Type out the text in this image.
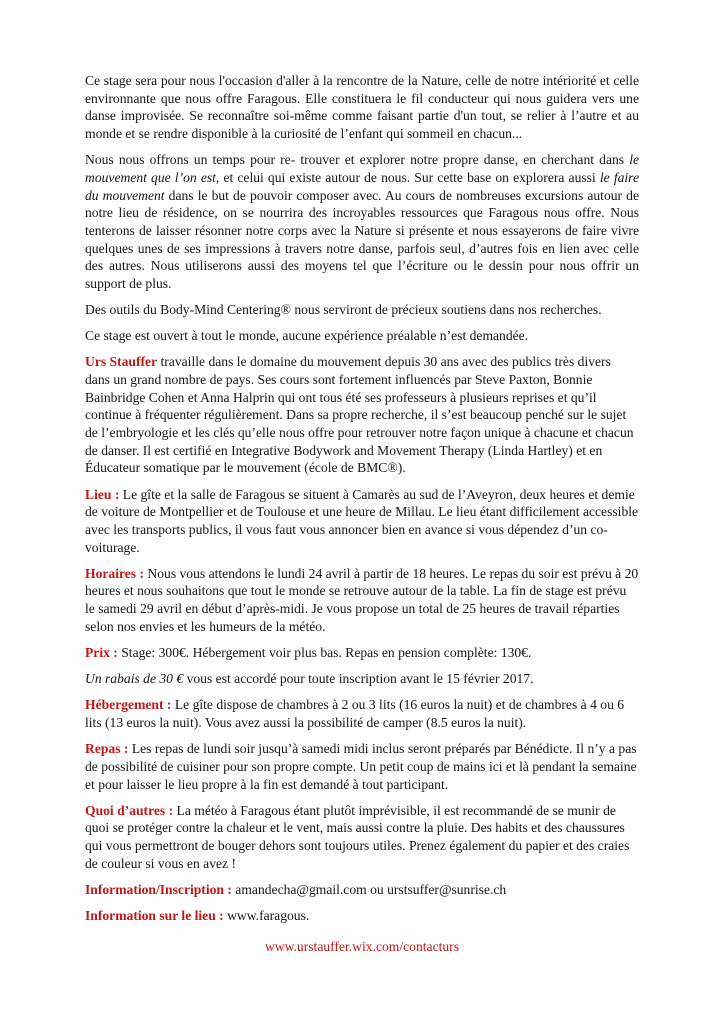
Ce stage sera pour nous l'occasion d'aller à la rencontre de la Nature, celle de notre intériorité et celle environnante que nous offre Faragous. Elle constituera le fil conducteur qui nous guidera vers une danse improvisée. Se reconnaître soi-même comme faisant partie d'un tout, se relier à l’autre et au monde et se rendre disponible à la curiosité de l’enfant qui sommeil en chacun...

Nous nous offrons un temps pour re- trouver et explorer notre propre danse, en cherchant dans le mouvement que l’on est, et celui qui existe autour de nous. Sur cette base on explorera aussi le faire du mouvement dans le but de pouvoir composer avec. Au cours de nombreuses excursions autour de notre lieu de résidence, on se nourrira des incroyables ressources que Faragous nous offre. Nous tenterons de laisser résonner notre corps avec la Nature si présente et nous essayerons de faire vivre quelques unes de ses impressions à travers notre danse, parfois seul, d’autres fois en lien avec celle des autres. Nous utiliserons aussi des moyens tel que l’écriture ou le dessin pour nous offrir un support de plus.

Des outils du Body-Mind Centering® nous serviront de précieux soutiens dans nos recherches.

Ce stage est ouvert à tout le monde, aucune expérience préalable n’est demandée.

Urs Stauffer travaille dans le domaine du mouvement depuis 30 ans avec des publics très divers dans un grand nombre de pays. Ses cours sont fortement influencés par Steve Paxton, Bonnie Bainbridge Cohen et Anna Halprin qui ont tous été ses professeurs à plusieurs reprises et qu’il continue à fréquenter régulièrement. Dans sa propre recherche, il s’est beaucoup penché sur le sujet de l’embryologie et les clés qu’elle nous offre pour retrouver notre façon unique à chacune et chacun de danser. Il est certifié en Integrative Bodywork and Movement Therapy (Linda Hartley) et en Éducateur somatique par le mouvement (école de BMC®).

Lieu : Le gîte et la salle de Faragous se situent à Camarès au sud de l’Aveyron, deux heures et demie de voiture de Montpellier et de Toulouse et une heure de Millau. Le lieu étant difficilement accessible avec les transports publics, il vous faut vous annoncer bien en avance si vous dépendez d’un co-voiturage.

Horaires : Nous vous attendons le lundi 24 avril à partir de 18 heures. Le repas du soir est prévu à 20 heures et nous souhaitons que tout le monde se retrouve autour de la table. La fin de stage est prévu le samedi 29 avril en début d’après-midi. Je vous propose un total de 25 heures de travail réparties selon nos envies et les humeurs de la météo.

Prix : Stage: 300€. Hébergement voir plus bas. Repas en pension complète: 130€.

Un rabais de 30 € vous est accordé pour toute inscription avant le 15 février 2017.

Hébergement : Le gîte dispose de chambres à 2 ou 3 lits (16 euros la nuit) et de chambres à 4 ou 6 lits (13 euros la nuit). Vous avez aussi la possibilité de camper (8.5 euros la nuit).

Repas : Les repas de lundi soir jusqu’à samedi midi inclus seront préparés par Bénédicte. Il n’y a pas de possibilité de cuisiner pour son propre compte. Un petit coup de mains ici et là pendant la semaine et pour laisser le lieu propre à la fin est demandé à tout participant.

Quoi d’autres : La météo à Faragous étant plutôt imprévisible, il est recommandé de se munir de quoi se protéger contre la chaleur et le vent, mais aussi contre la pluie. Des habits et des chaussures qui vous permettront de bouger dehors sont toujours utiles. Prenez également du papier et des craies de couleur si vous en avez !

Information/Inscription : amandecha@gmail.com ou urstsuffer@sunrise.ch

Information sur le lieu : www.faragous.

www.urstauffer.wix.com/contacturs
